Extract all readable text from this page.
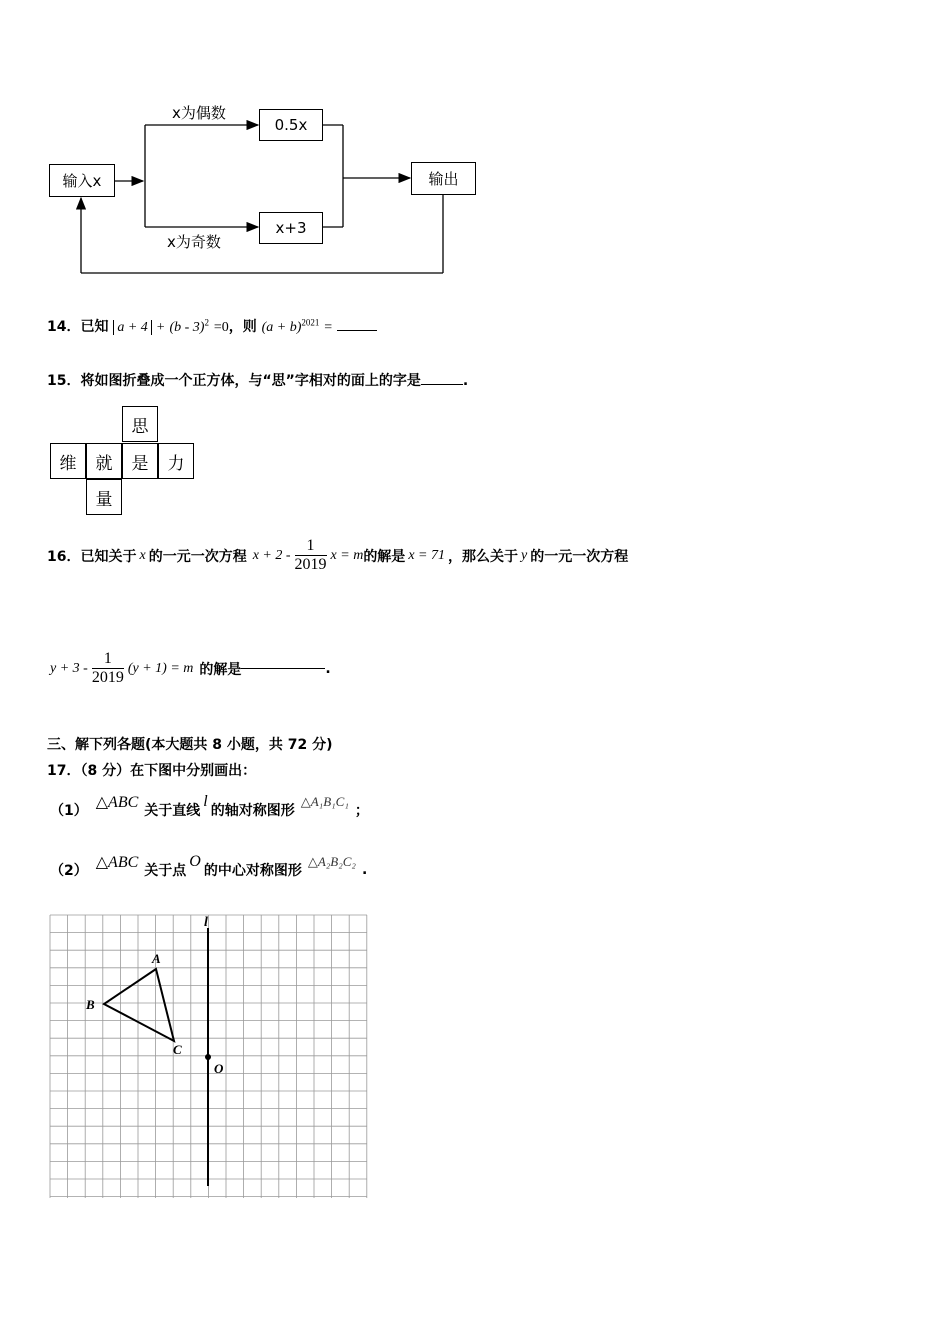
输入x
0.5x
x+3
输出
x为偶数
x为奇数
14．已知 a + 4 + (b - 3)$^2$ =0，则 $(a + b)^{2021}$ =
15．将如图折叠成一个正方体，与“思”字相对的面上的字是	.
思
维	就	是	力
量
16． 已知关于 x 的一元一次方程 $x + 2 - \frac{1}{2019}$ x = m 的解是 x = 71 ，那么关于 y 的一元一次方程
$y + 3 - \frac{1}{2019} (y + 1) = m$ 的解是	.
三、解下列各题(本大题共 8 小题，共 72 分)
17．（8 分）在下图中分别画出：
（1） △ABC 关于直线
l
的轴对称图形
△A₁B₁C₁
；
（2） △ABC 关于点
O
的中心对称图形
△A₂B₂C₂
.
A
B
C
O
l
